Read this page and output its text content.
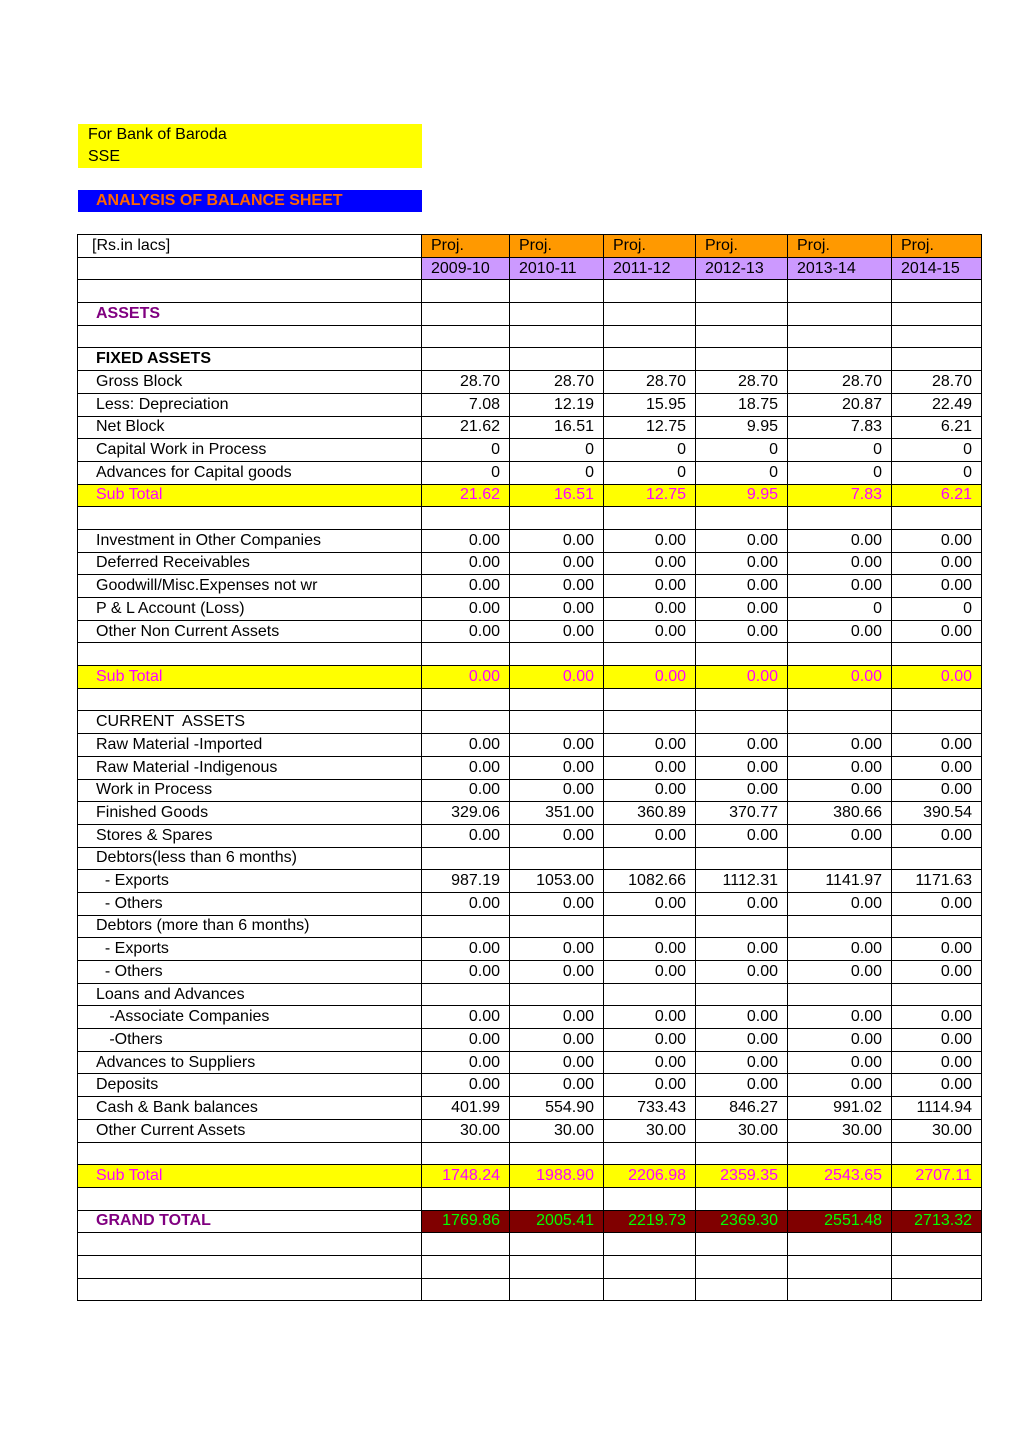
For Bank of Baroda
SSE
ANALYSIS OF BALANCE SHEET
[Rs.in lacs]	Proj.	Proj.	Proj.	Proj.	Proj.	Proj.
	2009-10	2010-11	2011-12	2012-13	2013-14	2014-15

ASSETS						

FIXED ASSETS						
Gross Block	28.70	28.70	28.70	28.70	28.70	28.70
Less: Depreciation	7.08	12.19	15.95	18.75	20.87	22.49
Net Block	21.62	16.51	12.75	9.95	7.83	6.21
Capital Work in Process	0	0	0	0	0	0
Advances for Capital goods	0	0	0	0	0	0
Sub Total	21.62	16.51	12.75	9.95	7.83	6.21

Investment in Other Companies	0.00	0.00	0.00	0.00	0.00	0.00
Deferred Receivables	0.00	0.00	0.00	0.00	0.00	0.00
Goodwill/Misc.Expenses not wr	0.00	0.00	0.00	0.00	0.00	0.00
P & L Account (Loss)	0.00	0.00	0.00	0.00	0	0
Other Non Current Assets	0.00	0.00	0.00	0.00	0.00	0.00

Sub Total	0.00	0.00	0.00	0.00	0.00	0.00

CURRENT  ASSETS						
Raw Material -Imported	0.00	0.00	0.00	0.00	0.00	0.00
Raw Material -Indigenous	0.00	0.00	0.00	0.00	0.00	0.00
Work in Process	0.00	0.00	0.00	0.00	0.00	0.00
Finished Goods	329.06	351.00	360.89	370.77	380.66	390.54
Stores & Spares	0.00	0.00	0.00	0.00	0.00	0.00
Debtors(less than 6 months)						
- Exports	987.19	1053.00	1082.66	1112.31	1141.97	1171.63
- Others	0.00	0.00	0.00	0.00	0.00	0.00
Debtors (more than 6 months)						
- Exports	0.00	0.00	0.00	0.00	0.00	0.00
- Others	0.00	0.00	0.00	0.00	0.00	0.00
Loans and Advances						
-Associate Companies	0.00	0.00	0.00	0.00	0.00	0.00
-Others	0.00	0.00	0.00	0.00	0.00	0.00
Advances to Suppliers	0.00	0.00	0.00	0.00	0.00	0.00
Deposits	0.00	0.00	0.00	0.00	0.00	0.00
Cash & Bank balances	401.99	554.90	733.43	846.27	991.02	1114.94
Other Current Assets	30.00	30.00	30.00	30.00	30.00	30.00

Sub Total	1748.24	1988.90	2206.98	2359.35	2543.65	2707.11

GRAND TOTAL	1769.86	2005.41	2219.73	2369.30	2551.48	2713.32
